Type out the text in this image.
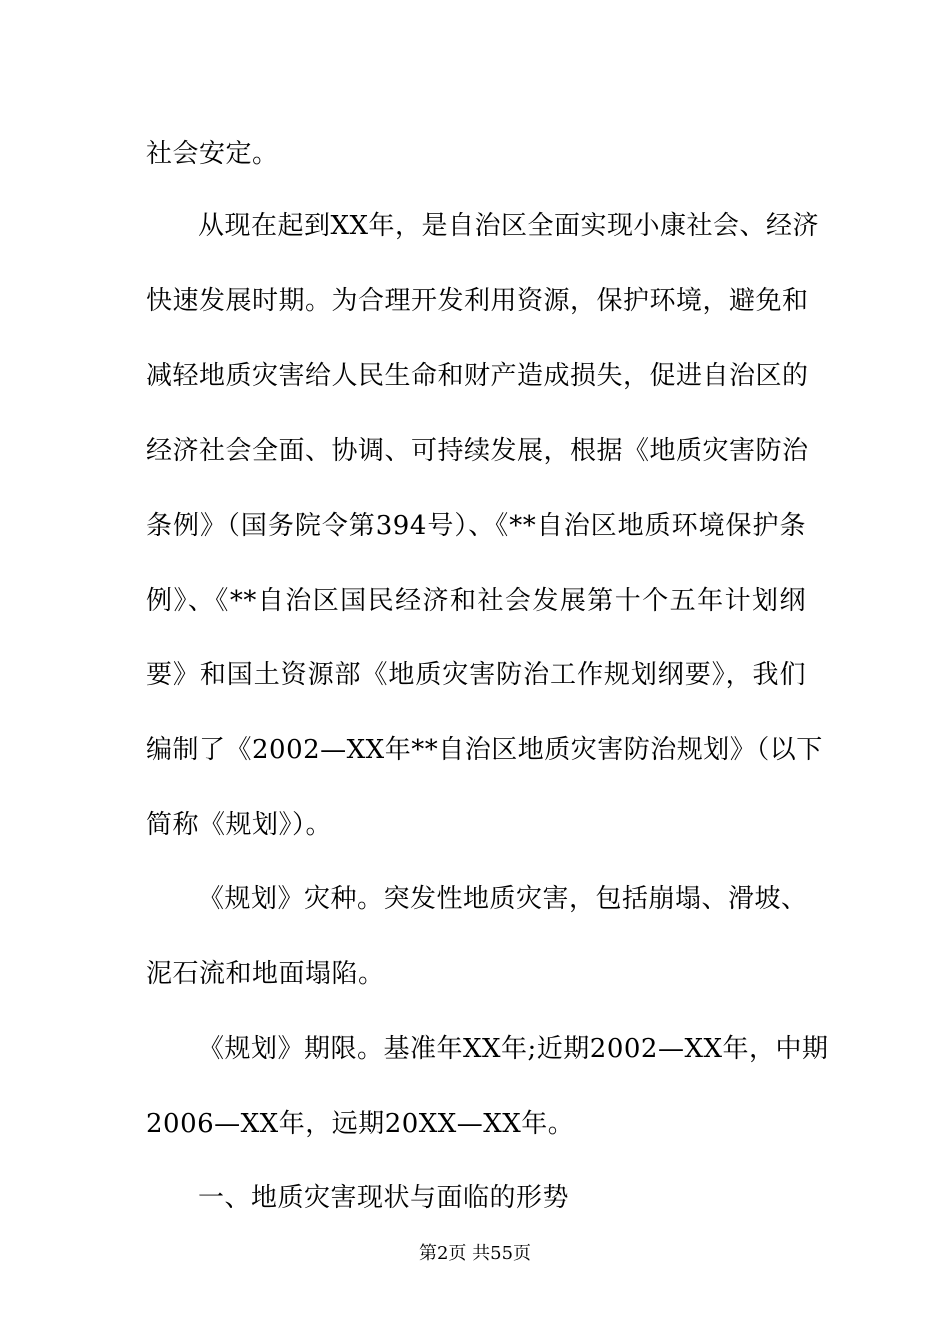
社会安定。
从现在起到XX年，是自治区全面实现小康社会、经济
快速发展时期。为合理开发利用资源，保护环境，避免和
减轻地质灾害给人民生命和财产造成损失，促进自治区的
经济社会全面、协调、可持续发展，根据《地质灾害防治
条例》（国务院令第394号）、《**自治区地质环境保护条
例》、《**自治区国民经济和社会发展第十个五年计划纲
要》和国土资源部《地质灾害防治工作规划纲要》，我们
编制了《2002—XX年**自治区地质灾害防治规划》（以下
简称《规划》）。
《规划》灾种。突发性地质灾害，包括崩塌、滑坡、
泥石流和地面塌陷。
《规划》期限。基准年XX年;近期2002—XX年，中期
2006—XX年，远期20XX—XX年。
一、地质灾害现状与面临的形势
第2页 共55页
